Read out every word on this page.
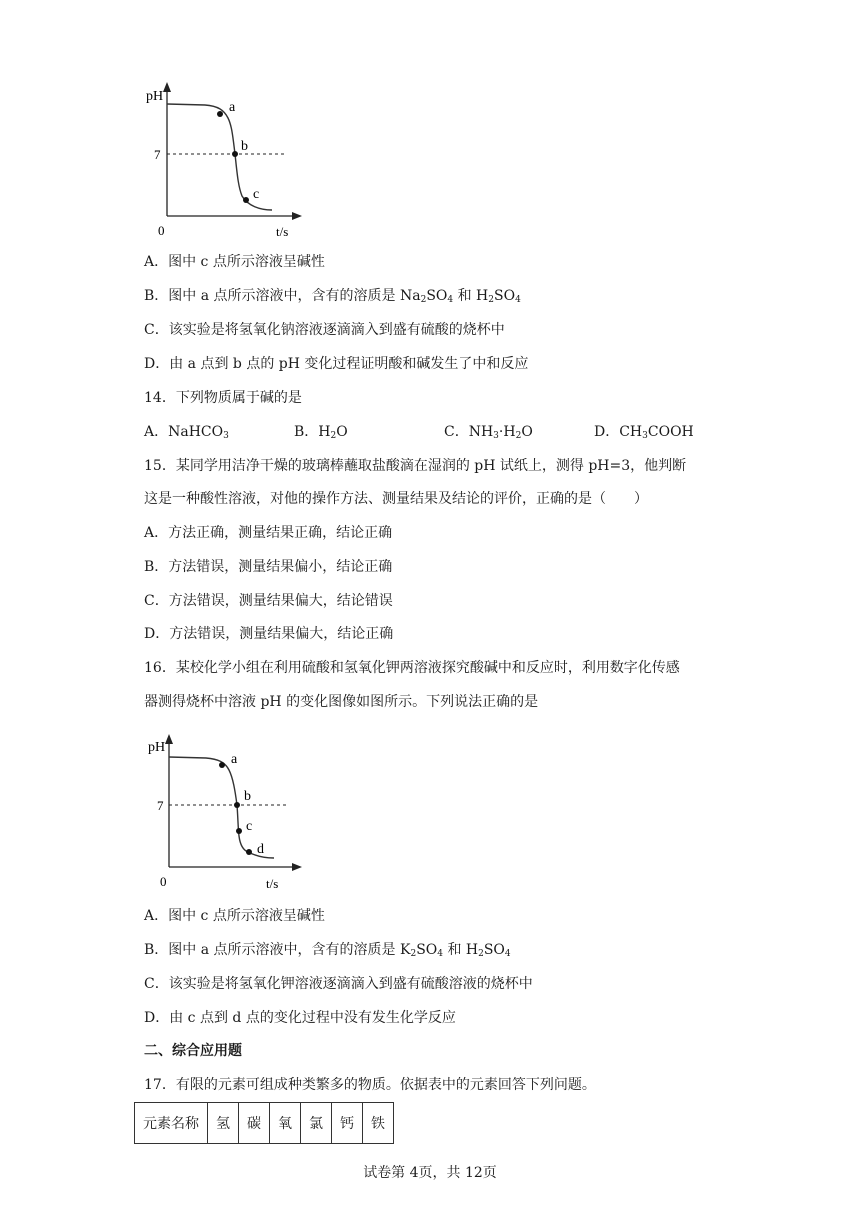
pH
7
0	t/s
a
b
c
A．图中 c 点所示溶液呈碱性
B．图中 a 点所示溶液中，含有的溶质是 $Na_2SO_4$ 和 $H_2SO_4$
C．该实验是将氢氧化钠溶液逐滴滴入到盛有硫酸的烧杯中
D．由 a 点到 b 点的 pH 变化过程证明酸和碱发生了中和反应
14．下列物质属于碱的是
A．NaHCO$_3$	B．$H_2O$	C．$NH_3\cdot H_2O$	D．$CH_3COOH$
15．某同学用洁净干燥的玻璃棒蘸取盐酸滴在湿润的 pH 试纸上，测得 pH=3，他判断
这是一种酸性溶液，对他的操作方法、测量结果及结论的评价，正确的是（　　）
A．方法正确，测量结果正确，结论正确
B．方法错误，测量结果偏小，结论正确
C．方法错误，测量结果偏大，结论错误
D．方法错误，测量结果偏大，结论正确
16．某校化学小组在利用硫酸和氢氧化钾两溶液探究酸碱中和反应时，利用数字化传感
器测得烧杯中溶液 pH 的变化图像如图所示。下列说法正确的是
pH
7
0	t/s
a
b
c
d
A．图中 c 点所示溶液呈碱性
B．图中 a 点所示溶液中，含有的溶质是 $K_2SO_4$ 和 $H_2SO_4$
C．该实验是将氢氧化钾溶液逐滴滴入到盛有硫酸溶液的烧杯中
D．由 c 点到 d 点的变化过程中没有发生化学反应
二、综合应用题
17．有限的元素可组成种类繁多的物质。依据表中的元素回答下列问题。
元素名称	氢	碳	氧	氯	钙	铁
试卷第 4页，共 12页
